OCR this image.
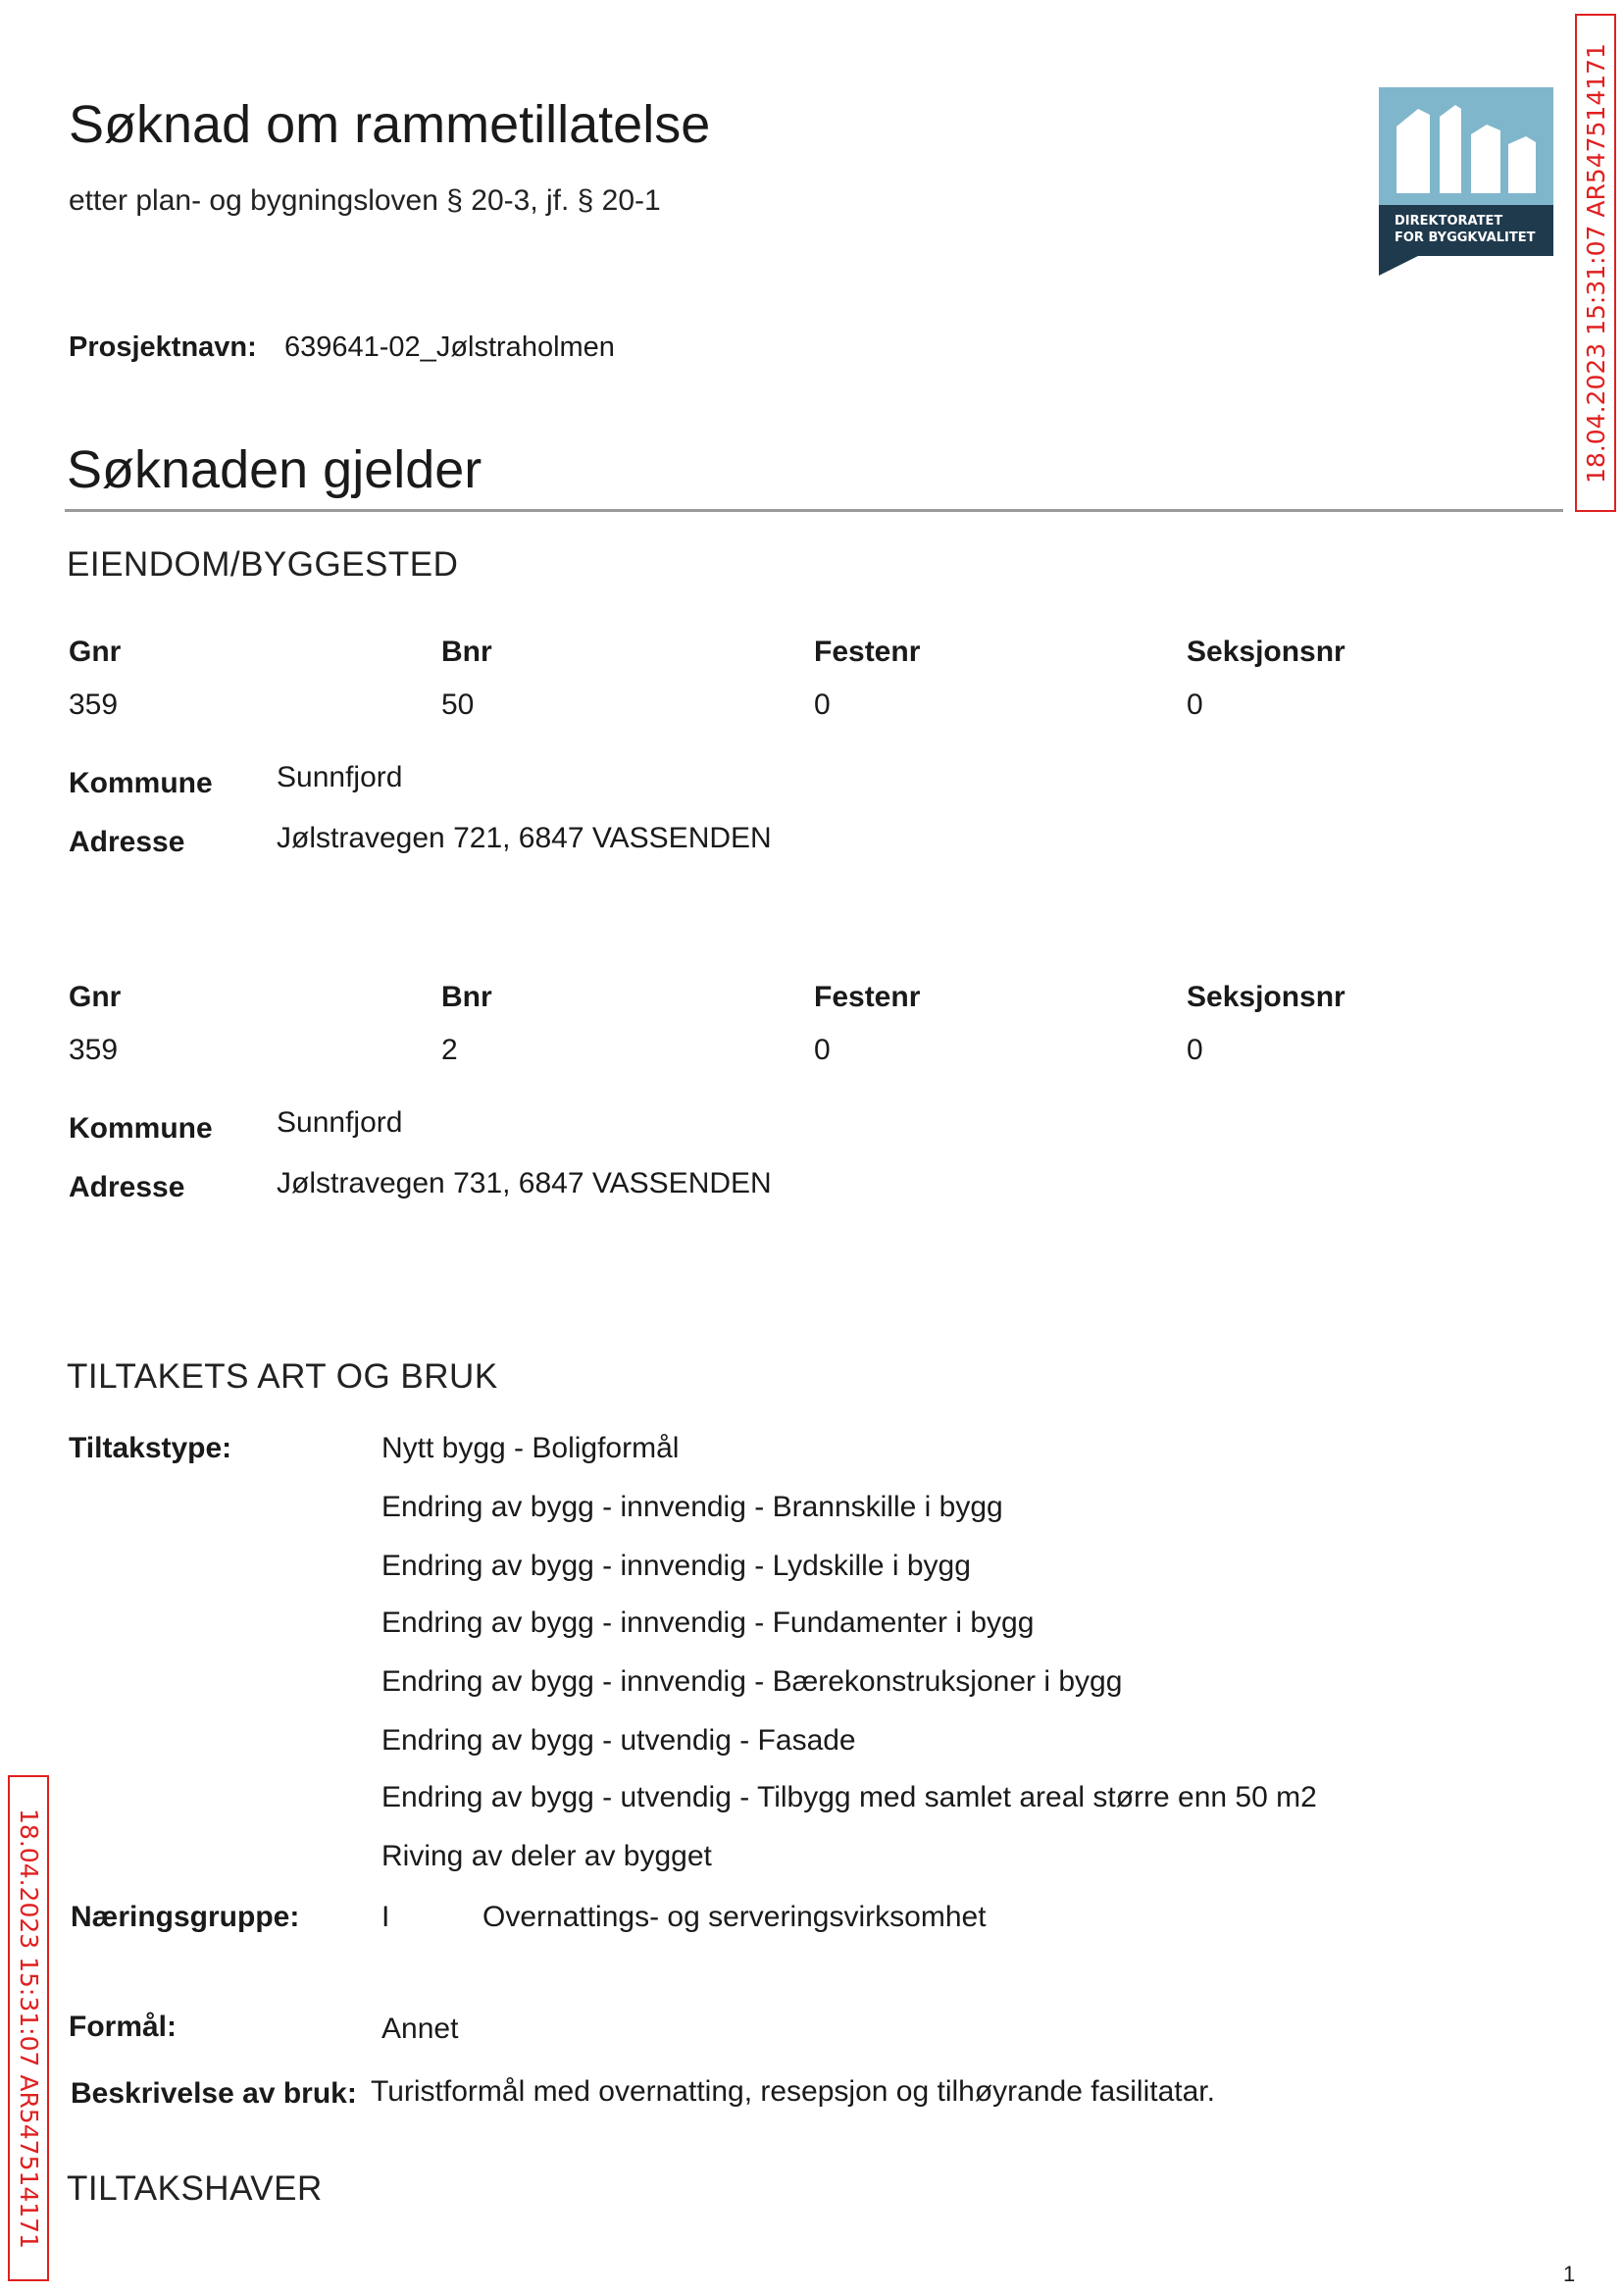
Søknad om rammetillatelse
etter plan- og bygningsloven § 20-3, jf. § 20-1
DIREKTORATET
FOR BYGGKVALITET 18.04.2023 15:31:07 AR547514171
Prosjektnavn: 639641-02_Jølstraholmen
Søknaden gjelder
EIENDOM/BYGGESTED
Gnr	Bnr	Festenr	Seksjonsnr
359	50	0	0
Kommune Sunnfjord
Adresse	Jølstravegen 721, 6847 VASSENDEN
Gnr	Bnr	Festenr	Seksjonsnr
359	2	0	0
Kommune Sunnfjord
Adresse	Jølstravegen 731, 6847 VASSENDEN
TILTAKETS ART OG BRUK
Tiltakstype:	Nytt bygg - Boligformål
Endring av bygg - innvendig - Brannskille i bygg
Endring av bygg - innvendig - Lydskille i bygg
Endring av bygg - innvendig - Fundamenter i bygg
Endring av bygg - innvendig - Bærekonstruksjoner i bygg
Endring av bygg - utvendig - Fasade
Endring av bygg - utvendig - Tilbygg med samlet areal større enn 50 m2
Riving av deler av bygget
Næringsgruppe:	I	Overnattings- og serveringsvirksomhet
Formål:	Annet
Beskrivelse av bruk: Turistformål med overnatting, resepsjon og tilhøyrande fasilitatar.
TILTAKSHAVER
18.04.2023 15:31:07 AR547514171
1
